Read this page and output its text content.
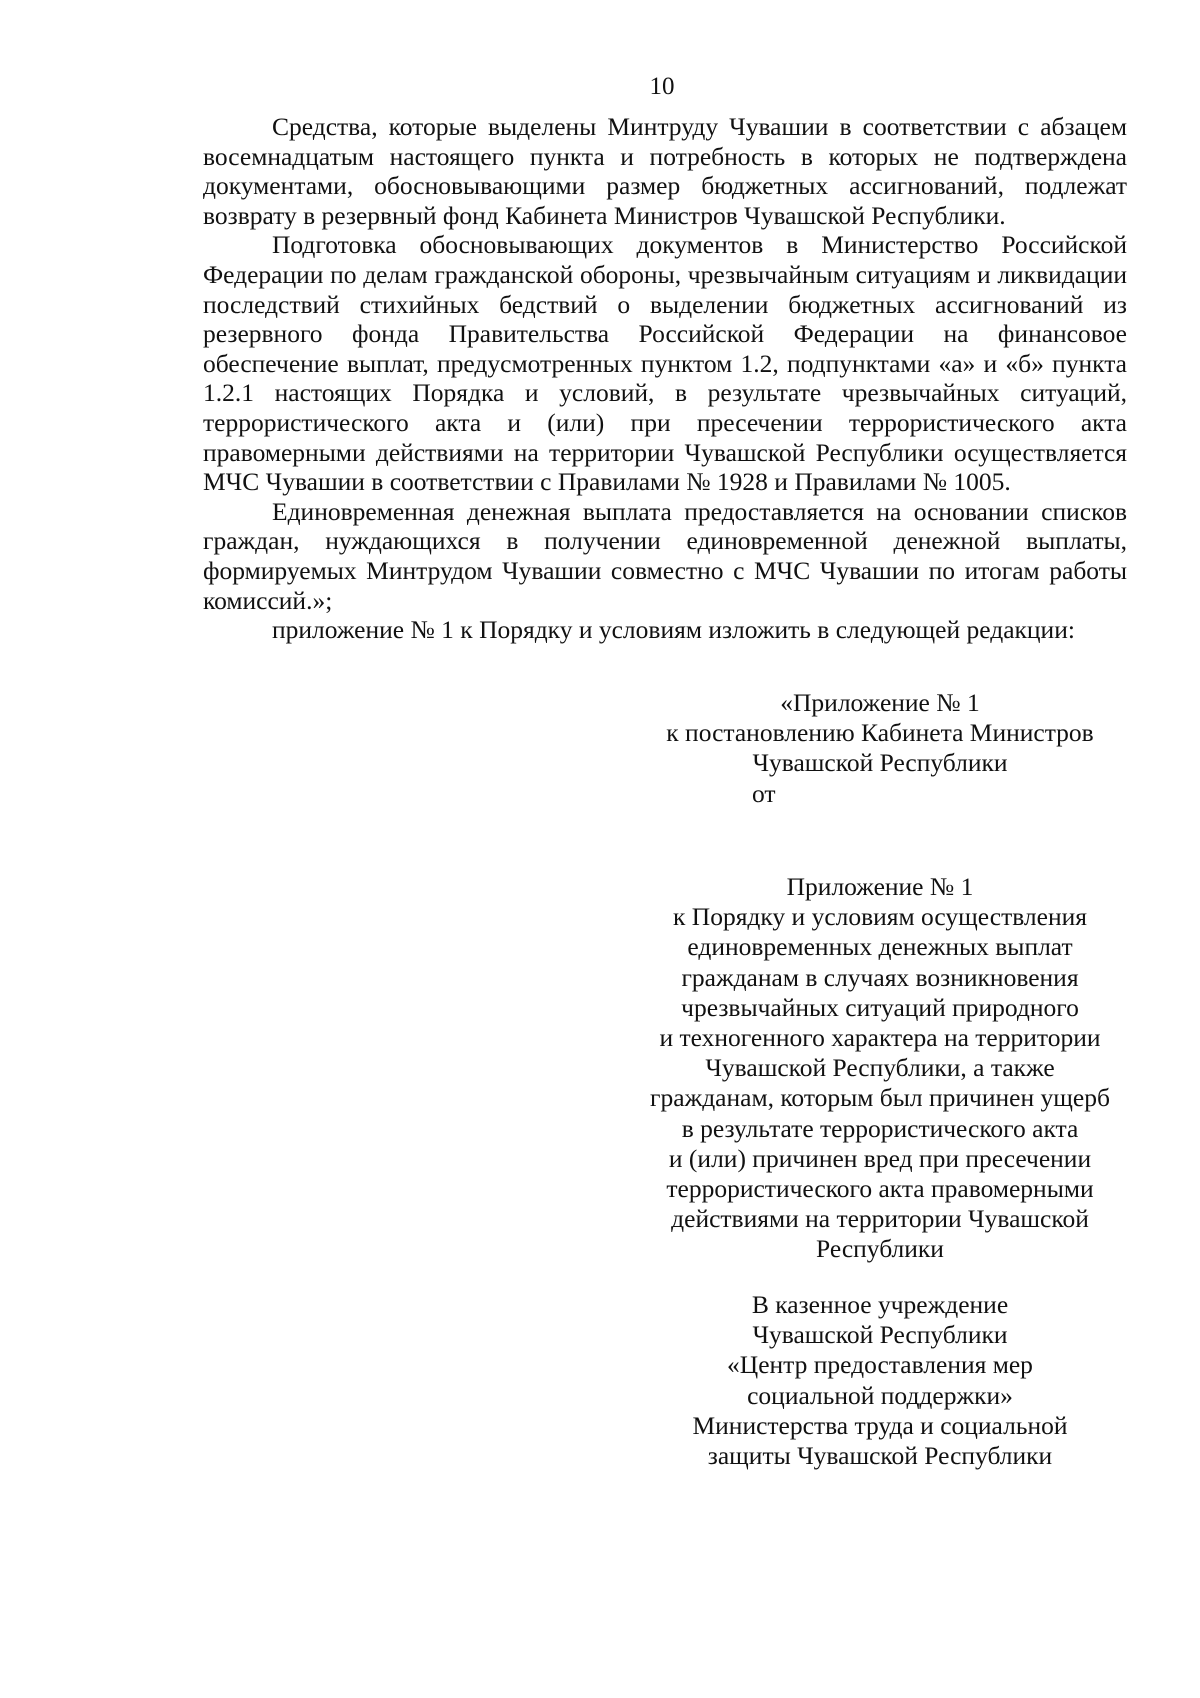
10

Средства, которые выделены Минтруду Чувашии в соответствии с абзацем восемнадцатым настоящего пункта и потребность в которых не подтверждена документами, обосновывающими размер бюджетных ассигнований, подлежат возврату в резервный фонд Кабинета Министров Чувашской Республики.

Подготовка обосновывающих документов в Министерство Российской Федерации по делам гражданской обороны, чрезвычайным ситуациям и ликвидации последствий стихийных бедствий о выделении бюджетных ассигнований из резервного фонда Правительства Российской Федерации на финансовое обеспечение выплат, предусмотренных пунктом 1.2, подпунктами «а» и «б» пункта 1.2.1 настоящих Порядка и условий, в результате чрезвычайных ситуаций, террористического акта и (или) при пресечении террористического акта правомерными действиями на территории Чувашской Республики осуществляется МЧС Чувашии в соответствии с Правилами № 1928 и Правилами № 1005.

Единовременная денежная выплата предоставляется на основании списков граждан, нуждающихся в получении единовременной денежной выплаты, формируемых Минтрудом Чувашии совместно с МЧС Чувашии по итогам работы комиссий.»;

приложение № 1 к Порядку и условиям изложить в следующей редакции:

«Приложение № 1
к постановлению Кабинета Министров
Чувашской Республики
от
Приложение № 1
к Порядку и условиям осуществления
единовременных денежных выплат
гражданам в случаях возникновения
чрезвычайных ситуаций природного
и техногенного характера на территории
Чувашской Республики, а также
гражданам, которым был причинен ущерб
в результате террористического акта
и (или) причинен вред при пресечении
террористического акта правомерными
действиями на территории Чувашской
Республики
В казенное учреждение
Чувашской Республики
«Центр предоставления мер
социальной поддержки»
Министерства труда и социальной
защиты Чувашской Республики
